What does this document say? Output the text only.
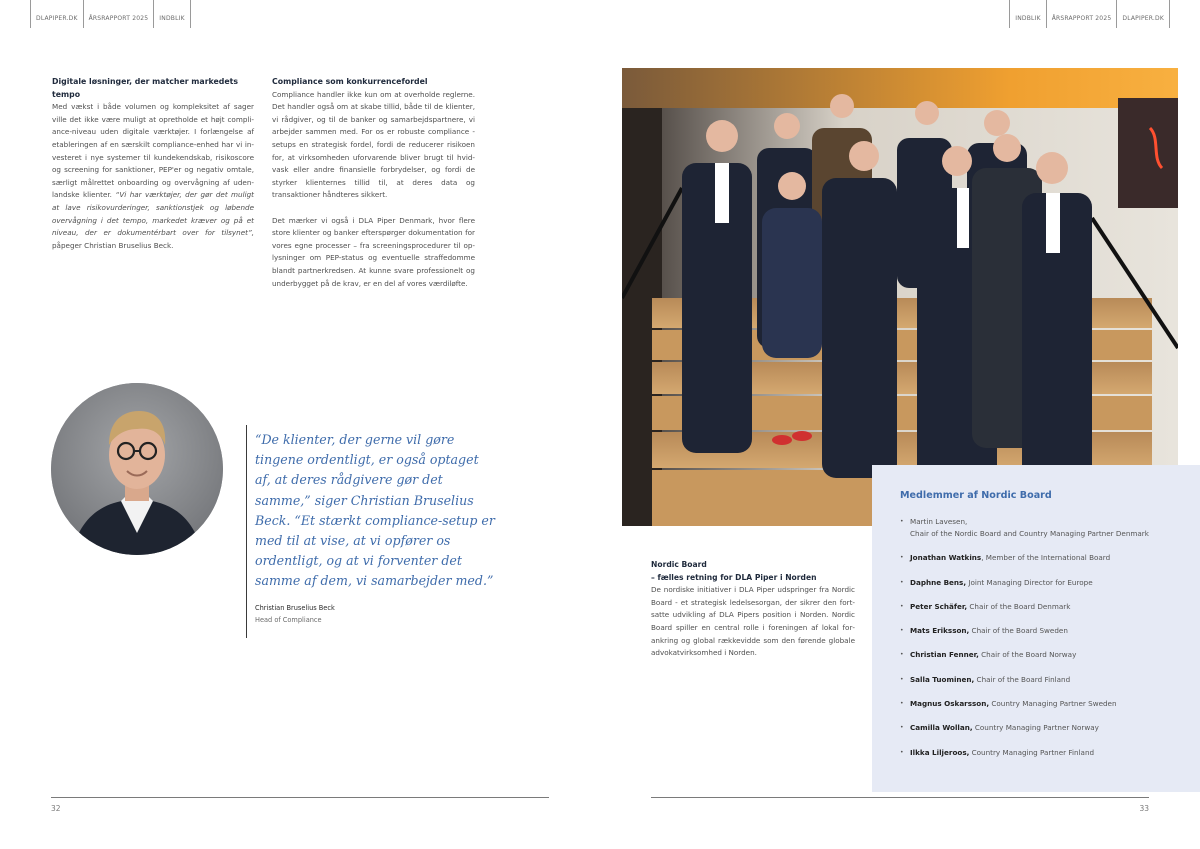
DLAPIPER.DK	ÅRSRAPPORT 2025	INDBLIK	INDBLIK	ÅRSRAPPORT 2025	DLAPIPER.DK
Digitale løsninger, der matcher markedets tempo

Med vækst i både volumen og kompleksitet af sager ville det ikke være muligt at opretholde et højt compliance-niveau uden digitale værktøjer. I forlængelse af etableringen af en særskilt compliance-enhed har vi investeret i nye systemer til kundekendskab, risikoscore og screening for sanktioner, PEP'er og negativ omtale, særligt målrettet onboarding og overvågning af udenlandske klienter. “Vi har værktøjer, der gør det muligt at lave risikovurderinger, sanktionstjek og løbende overvågning i det tempo, markedet kræver og på et niveau, der er dokumentérbart over for tilsynet”, påpeger Christian Bruselius Beck.

Compliance som konkurrencefordel

Compliance handler ikke kun om at overholde reglerne. Det handler også om at skabe tillid, både til de klienter, vi rådgiver, og til de banker og samarbejdspartnere, vi arbejder sammen med. For os er robuste compliance -setups en strategisk fordel, fordi de reducerer risikoen for, at virksomheden uforvarende bliver brugt til hvidvask eller andre finansielle forbrydelser, og fordi de styrker klienternes tillid til, at deres data og transaktioner håndteres sikkert.

Det mærker vi også i DLA Piper Denmark, hvor flere store klienter og banker efterspørger dokumentation for vores egne processer – fra screeningsprocedurer til oplysninger om PEP-status og eventuelle straffedomme blandt partnerkredsen. At kunne svare professionelt og underbygget på de krav, er en del af vores værdiløfte.

“De klienter, der gerne vil gøre tingene ordentligt, er også optaget af, at deres rådgivere gør det samme,” siger Christian Bruselius Beck. “Et stærkt compliance-setup er med til at vise, at vi opfører os ordentligt, og at vi forventer det samme af dem, vi samarbejder med.”
Christian Bruselius Beck
Head of Compliance
Medlemmer af Nordic Board
• Martin Lavesen,
Chair of the Nordic Board and Country Managing Partner Denmark
• Jonathan Watkins, Member of the International Board
• Daphne Bens, Joint Managing Director for Europe
• Peter Schäfer, Chair of the Board Denmark
• Mats Eriksson, Chair of the Board Sweden
• Christian Fenner, Chair of the Board Norway
• Salla Tuominen, Chair of the Board Finland
• Magnus Oskarsson, Country Managing Partner Sweden
• Camilla Wollan, Country Managing Partner Norway
• Ilkka Liljeroos, Country Managing Partner Finland
Nordic Board
– fælles retning for DLA Piper i Norden

De nordiske initiativer i DLA Piper udspringer fra Nordic Board - et strategisk ledelsesorgan, der sikrer den fortsatte udvikling af DLA Pipers position i Norden. Nordic Board spiller en central rolle i foreningen af lokal forankring og global rækkevidde som den førende globale advokatvirksomhed i Norden.

32	33
